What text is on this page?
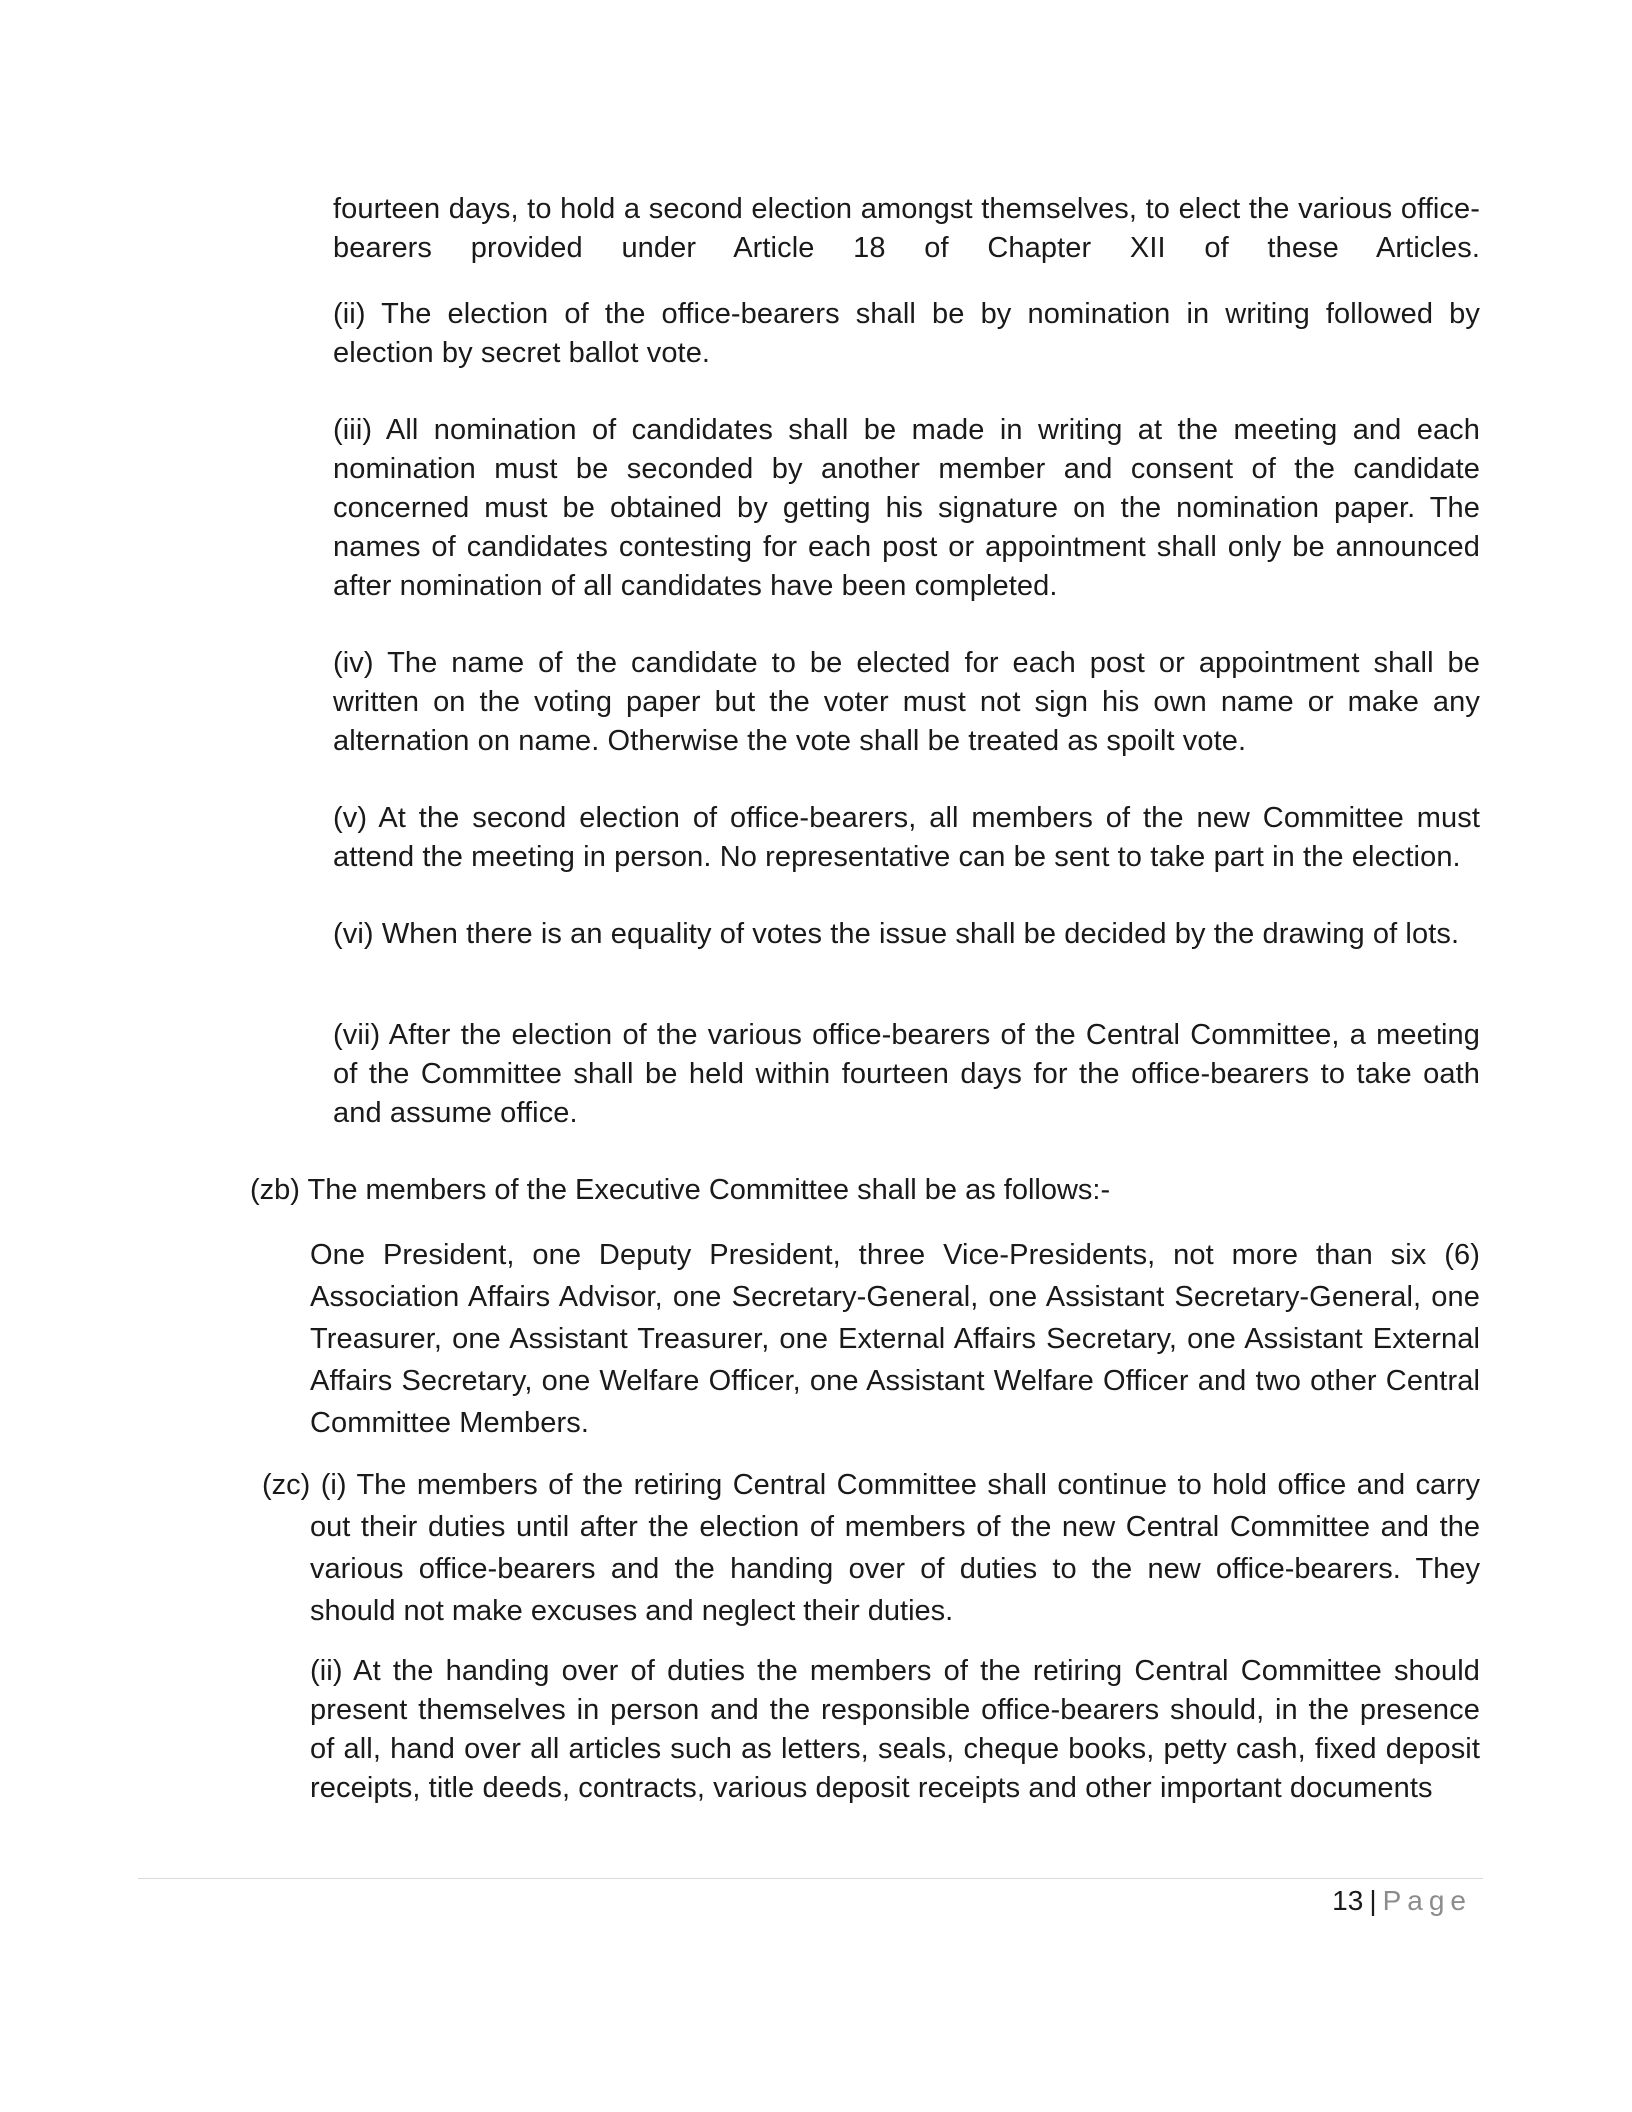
fourteen days, to hold a second election amongst themselves, to elect the various office-bearers provided under Article 18 of Chapter XII of these Articles.

(ii) The election of the office-bearers shall be by nomination in writing followed by election by secret ballot vote.

(iii) All nomination of candidates shall be made in writing at the meeting and each nomination must be seconded by another member and consent of the candidate concerned must be obtained by getting his signature on the nomination paper. The names of candidates contesting for each post or appointment shall only be announced after nomination of all candidates have been completed.

(iv) The name of the candidate to be elected for each post or appointment shall be written on the voting paper but the voter must not sign his own name or make any alternation on name. Otherwise the vote shall be treated as spoilt vote.

(v) At the second election of office-bearers, all members of the new Committee must attend the meeting in person. No representative can be sent to take part in the election.

(vi) When there is an equality of votes the issue shall be decided by the drawing of lots.

(vii) After the election of the various office-bearers of the Central Committee, a meeting of the Committee shall be held within fourteen days for the office-bearers to take oath and assume office.

(zb) The members of the Executive Committee shall be as follows:-

One President, one Deputy President, three Vice-Presidents, not more than six (6) Association Affairs Advisor, one Secretary-General, one Assistant Secretary-General, one Treasurer, one Assistant Treasurer, one External Affairs Secretary, one Assistant External Affairs Secretary, one Welfare Officer, one Assistant Welfare Officer and two other Central Committee Members.

(zc) (i) The members of the retiring Central Committee shall continue to hold office and carry out their duties until after the election of members of the new Central Committee and the various office-bearers and the handing over of duties to the new office-bearers. They should not make excuses and neglect their duties.

(ii) At the handing over of duties the members of the retiring Central Committee should present themselves in person and the responsible office-bearers should, in the presence of all, hand over all articles such as letters, seals, cheque books, petty cash, fixed deposit receipts, title deeds, contracts, various deposit receipts and other important documents

13 | Page
